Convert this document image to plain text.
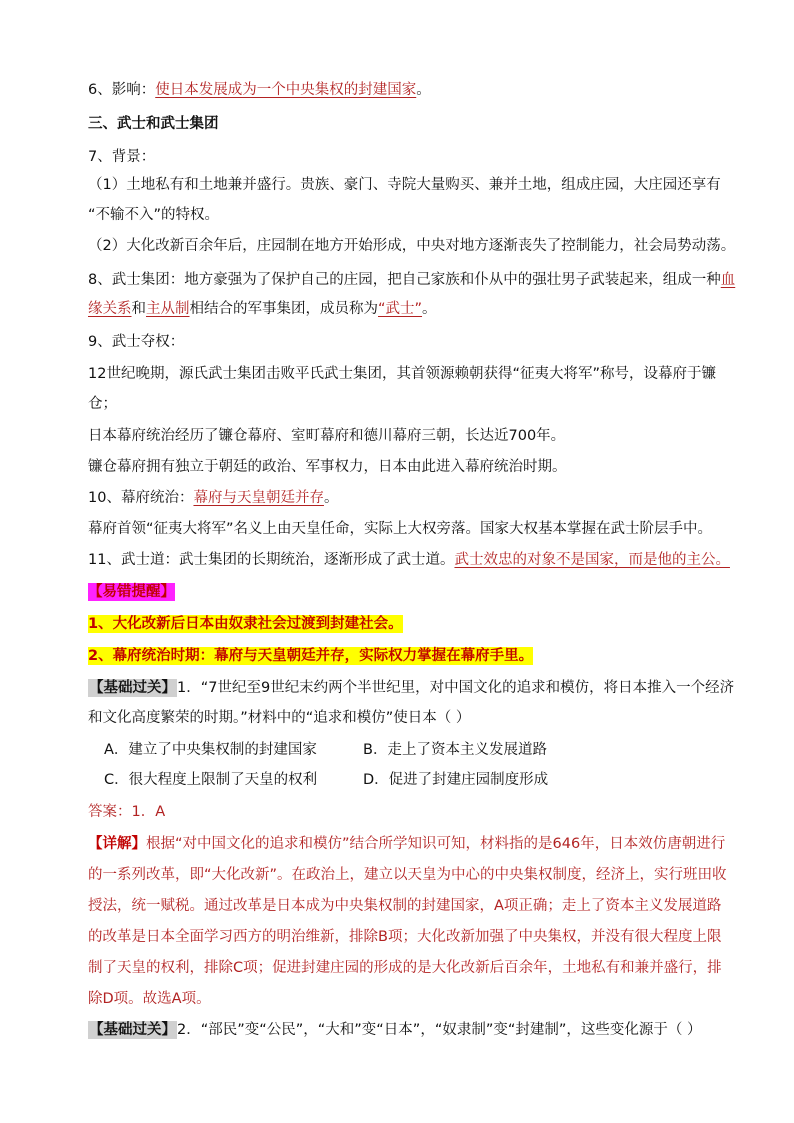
6、影响：使日本发展成为一个中央集权的封建国家。
三、武士和武士集团
7、背景：
（1）土地私有和土地兼并盛行。贵族、豪门、寺院大量购买、兼并土地，组成庄园，大庄园还享有
“不输不入”的特权。
（2）大化改新百余年后，庄园制在地方开始形成，中央对地方逐渐丧失了控制能力，社会局势动荡。
8、武士集团：地方豪强为了保护自己的庄园，把自己家族和仆从中的强壮男子武装起来，组成一种血
缘关系和主从制相结合的军事集团，成员称为“武士”。
9、武士夺权：
12世纪晚期，源氏武士集团击败平氏武士集团，其首领源赖朝获得“征夷大将军”称号，设幕府于镰
仓；
日本幕府统治经历了镰仓幕府、室町幕府和德川幕府三朝，长达近700年。
镰仓幕府拥有独立于朝廷的政治、军事权力，日本由此进入幕府统治时期。
10、幕府统治：幕府与天皇朝廷并存。
幕府首领“征夷大将军”名义上由天皇任命，实际上大权旁落。国家大权基本掌握在武士阶层手中。
11、武士道：武士集团的长期统治，逐渐形成了武士道。武士效忠的对象不是国家，而是他的主公。
【易错提醒】
1、大化改新后日本由奴隶社会过渡到封建社会。
2、幕府统治时期：幕府与天皇朝廷并存，实际权力掌握在幕府手里。
【基础过关】1．“7世纪至9世纪末约两个半世纪里，对中国文化的追求和模仿，将日本推入一个经济
和文化高度繁荣的时期。”材料中的“追求和模仿”使日本（ ）
A．建立了中央集权制的封建国家	B．走上了资本主义发展道路
C．很大程度上限制了天皇的权利	D．促进了封建庄园制度形成
答案：1．A
【详解】根据“对中国文化的追求和模仿”结合所学知识可知，材料指的是646年，日本效仿唐朝进行
的一系列改革，即“大化改新”。在政治上，建立以天皇为中心的中央集权制度，经济上，实行班田收
授法，统一赋税。通过改革是日本成为中央集权制的封建国家，A项正确；走上了资本主义发展道路
的改革是日本全面学习西方的明治维新，排除B项；大化改新加强了中央集权，并没有很大程度上限
制了天皇的权利，排除C项；促进封建庄园的形成的是大化改新后百余年，土地私有和兼并盛行，排
除D项。故选A项。
【基础过关】2．“部民”变“公民”，“大和”变“日本”，“奴隶制”变“封建制”，这些变化源于（ ）
